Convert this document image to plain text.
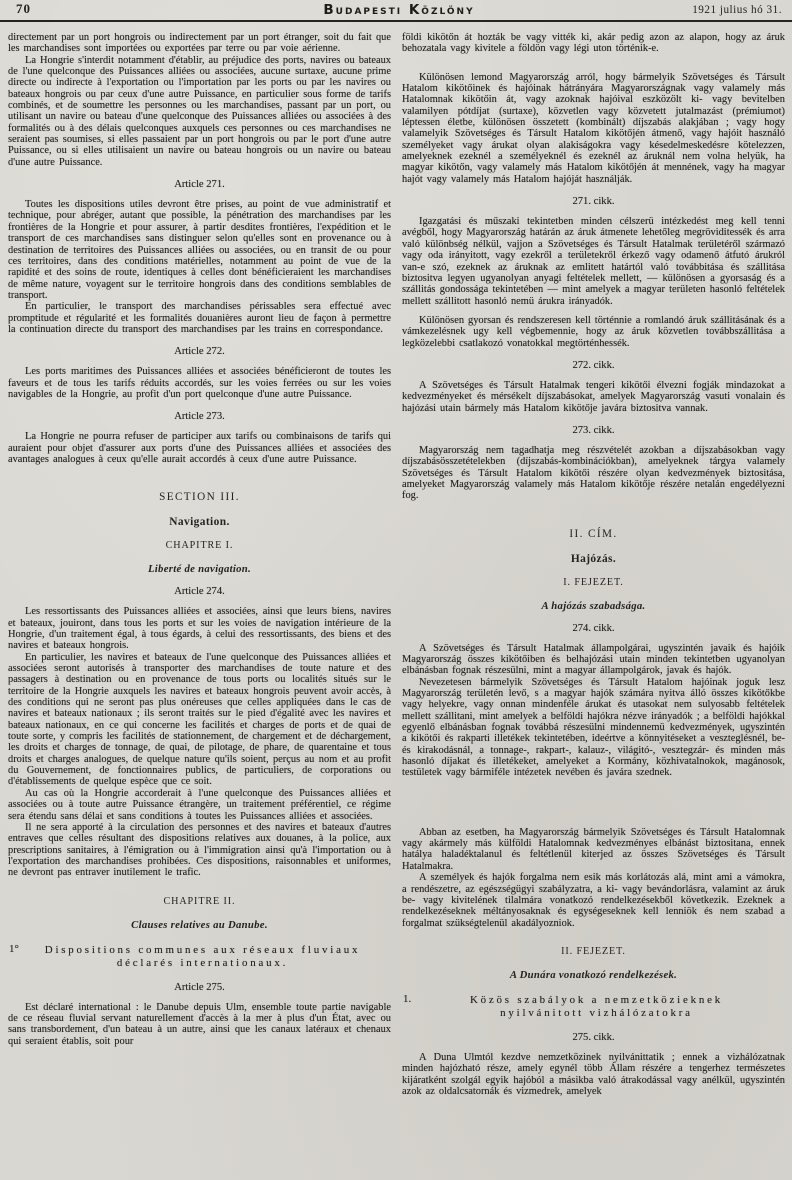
70	Budapesti Közlöny	1921 julius hó 31.

directement par un port hongrois ou indirectement par un port étranger, soit du fait que les marchandises sont importées ou exportées par terre ou par voie aérienne.

La Hongrie s'interdit notamment d'établir, au préjudice des ports, navires ou bateaux de l'une quelconque des Puissances alliées ou associées, aucune surtaxe, aucune prime directe ou indirecte à l'exportation ou l'importation par les ports ou par les navires ou bateaux hongrois ou par ceux d'une autre Puissance, en particulier sous forme de tarifs combinés, et de soumettre les personnes ou les marchandises, passant par un port, ou utilisant un navire ou bateau d'une quelconque des Puissances alliées ou associées à des formalités ou à des délais quelconques auxquels ces personnes ou ces marchandises ne seraient pas soumises, si elles passaient par un port hongrois ou par le port d'une autre Puissance, ou si elles utilisaient un navire ou bateau hongrois ou un navire ou bateau d'une autre Puissance.

Article 271.

Toutes les dispositions utiles devront être prises, au point de vue administratif et technique, pour abréger, autant que possible, la pénétration des marchandises par les frontières de la Hongrie et pour assurer, à partir desdites frontières, l'expédition et le transport de ces marchandises sans distinguer selon qu'elles sont en provenance ou à destination de territoires des Puissances alliées ou associées, ou en transit de ou pour ces territoires, dans des conditions matérielles, notamment au point de vue de la rapidité et des soins de route, identiques à celles dont bénéficieraient les marchandises de même nature, voyagent sur le territoire hongrois dans des conditions semblables de transport.

En particulier, le transport des marchandises périssables sera effectué avec promptitude et régularité et les formalités douanières auront lieu de façon à permettre la continuation directe du transport des marchandises par les trains en correspondance.

Article 272.

Les ports maritimes des Puissances alliées et associées bénéficieront de toutes les faveurs et de tous les tarifs réduits accordés, sur les voies ferrées ou sur les voies navigables de la Hongrie, au profit d'un port quelconque d'une autre Puissance.

Article 273.

La Hongrie ne pourra refuser de participer aux tarifs ou combinaisons de tarifs qui auraient pour objet d'assurer aux ports d'une des Puissances alliées et associées des avantages analogues à ceux qu'elle aurait accordés à ceux d'une autre Puissance.

SECTION III.
Navigation.
CHAPITRE I.
Liberté de navigation.
Article 274.

Les ressortissants des Puissances alliées et associées, ainsi que leurs biens, navires et bateaux, jouiront, dans tous les ports et sur les voies de navigation intérieure de la Hongrie, d'un traitement égal, à tous égards, à celui des ressortissants, des biens et des navires et bateaux hongrois.

En particulier, les navires et bateaux de l'une quelconque des Puissances alliées et associées seront autorisés à transporter des marchandises de toute nature et des passagers à destination ou en provenance de tous ports ou localités situés sur le territoire de la Hongrie auxquels les navires et bateaux hongrois peuvent avoir accès, à des conditions qui ne seront pas plus onéreuses que celles appliquées dans le cas de navires et bateaux nationaux ; ils seront traités sur le pied d'égalité avec les navires et bateaux nationaux, en ce qui concerne les facilités et charges de ports et de quai de toute sorte, y compris les facilités de stationnement, de chargement et de déchargement, les droits et charges de tonnage, de quai, de pilotage, de phare, de quarentaine et tous droits et charges analogues, de quelque nature qu'ils soient, perçus au nom et au profit du Gouvernement, de fonctionnaires publics, de particuliers, de corporations ou d'établissements de quelque espèce que ce soit.

Au cas où la Hongrie accorderait à l'une quelconque des Puissances alliées et associées ou à toute autre Puissance étrangère, un traitement préférentiel, ce régime sera étendu sans délai et sans conditions à toutes les Puissances alliées et associées.

Il ne sera apporté à la circulation des personnes et des navires et bateaux d'autres entraves que celles résultant des dispositions relatives aux douanes, à la police, aux prescriptions sanitaires, à l'émigration ou à l'immigration ainsi qu'à l'importation ou à l'exportation des marchandises prohibées. Ces dispositions, raisonnables et uniformes, ne devront pas entraver inutilement le trafic.

CHAPITRE II.
Clauses relatives au Danube.
1° Dispositions communes aux réseaux fluviaux déclarés internationaux.
Article 275.

Est déclaré international : le Danube depuis Ulm, ensemble toute partie navigable de ce réseau fluvial servant naturellement d'accès à la mer à plus d'un État, avec ou sans transbordement, d'un bateau à un autre, ainsi que les canaux latéraux et chenaux qui seraient établis, soit pour

földi kikötőn át hozták be vagy vitték ki, akár pedig azon az alapon, hogy az áruk behozatala vagy kivitele a földön vagy légi uton történik-e.

Különösen lemond Magyarország arról, hogy bármelyik Szövetséges és Társult Hatalom kikötőinek és hajóinak hátrányára Magyarországnak vagy valamely más Hatalomnak kikötőin át, vagy azoknak hajóival eszközölt ki- vagy bevitelben valamilyen pótdíjat (surtaxe), közvetlen vagy közvetett jutalmazást (prémiumot) léptessen életbe, különösen összetett (kombinált) díjszabás alakjában ; vagy hogy valamelyik Szövetséges és Társult Hatalom kikötőjén átmenő, vagy hajóit használó személyeket vagy árukat olyan alakiságokra vagy késedelmeskedésre kötelezzen, amelyeknek ezeknél a személyeknél és ezeknél az áruknál nem volna helyük, ha magyar kikötőn, vagy valamely más Hatalom kikötőjén át mennének, vagy ha magyar hajót vagy valamely más Hatalom hajóját használják.

271. cikk.

Igazgatási és műszaki tekintetben minden célszerü intézkedést meg kell tenni avégből, hogy Magyarország határán az áruk átmenete lehetőleg megröviditessék és arra való különbség nélkül, vajjon a Szövetséges és Társult Hatalmak területéről származó vagy oda irányitott, vagy ezekről a területekről érkező vagy odamenő átfutó árukról van-e szó, ezeknek az áruknak az emlitett határtól való továbbitása és szállitása biztositva legyen ugyanolyan anyagi feltételek mellett, — különösen a gyorsaság és a szállitás gondossága tekintetében — mint amelyek a magyar területen hasonló feltételek mellett szállitott hasonló nemü árukra irányadók.

Különösen gyorsan és rendszeresen kell történnie a romlandó áruk szállitásának és a vámkezelésnek ugy kell végbemennie, hogy az áruk közvetlen továbbszállitása a legközelebbi csatlakozó vonatokkal megtörténhessék.

272. cikk.

A Szövetséges és Társult Hatalmak tengeri kikötői élvezni fogják mindazokat a kedvezményeket és mérsékelt díjszabásokat, amelyek Magyarország vasuti vonalain és hajózási utain bármely más Hatalom kikötője javára biztositva vannak.

273. cikk.

Magyarország nem tagadhatja meg részvételét azokban a díjszabásokban vagy díjszabásösszetételekben (díjszabás-kombinációkban), amelyeknek tárgya valamely Szövetséges és Társult Hatalom kikötői részére olyan kedvezmények biztositása, amelyeket Magyarország valamely más Hatalom kikötője részére netalán engedélyezni fog.

II. CÍM.
Hajózás.
I. FEJEZET.
A hajózás szabadsága.
274. cikk.

A Szövetséges és Társult Hatalmak állampolgárai, ugyszintén javaik és hajóik Magyarország összes kikötőiben és belhajózási utain minden tekintetben ugyanolyan elbánásban fognak részesülni, mint a magyar állampolgárok, javak és hajók.

Nevezetesen bármelyik Szövetséges és Társult Hatalom hajóinak joguk lesz Magyarország területén levő, s a magyar hajók számára nyitva álló összes kikötőkbe vagy helyekre, vagy onnan mindenféle árukat és utasokat nem sulyosabb feltételek mellett szállitani, mint amelyek a belföldi hajókra nézve irányadók ; a belföldi hajókkal egyenlő elbánásban fognak továbbá részesülni mindennemü kedvezmények, ugyszintén a kikötői és rakparti illetékek tekintetében, ideértve a könnyitéseket a veszteglésnél, be- és kirakodásnál, a tonnage-, rakpart-, kalauz-, világitó-, vesztegzár- és minden más hasonló díjakat és illetékeket, amelyeket a Kormány, közhivatalnokok, magánosok, testületek vagy bármiféle intézetek nevében és javára szednek.

Abban az esetben, ha Magyarország bármelyik Szövetséges és Társult Hatalomnak vagy akármely más külföldi Hatalomnak kedvezményes elbánást biztositana, ennek hatálya haladéktalanul és feltétlenül kiterjed az összes Szövetséges és Társult Hatalmakra.

A személyek és hajók forgalma nem esik más korlátozás alá, mint ami a vámokra, a rendészetre, az egészségügyi szabályzatra, a ki- vagy bevándorlásra, valamint az áruk be- vagy kivitelének tilalmára vonatkozó rendelkezésekből következik. Ezeknek a rendelkezéseknek méltányosaknak és egységeseknek kell lenniök és nem szabad a forgalmat szükségtelenül akadályozniok.

II. FEJEZET.
A Dunára vonatkozó rendelkezések.
1.	Közös szabályok a nemzetközieknek nyilvánitott vizhálózatokra
275. cikk.

A Duna Ulmtól kezdve nemzetközinek nyilvánittatik ; ennek a vizhálózatnak minden hajózható része, amely egynél több Állam részére a tengerhez természetes kijáratként szolgál egyik hajóból a másikba való átrakodással vagy anélkül, ugyszintén azok az oldalcsatornák és vizmedrek, amelyek
